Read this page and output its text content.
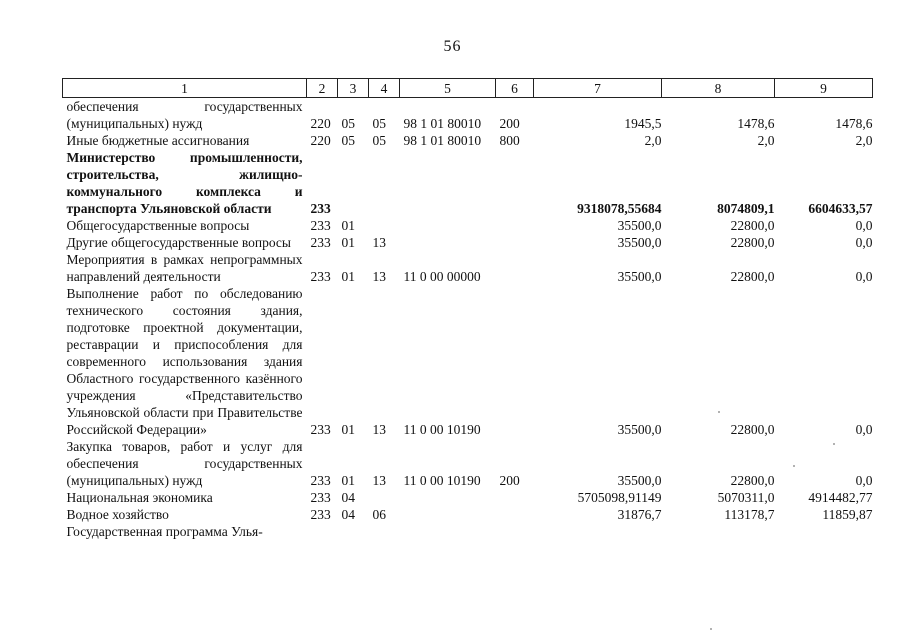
56
1	2	3	4	5	6	7	8	9
обеспечения государственных (муниципальных) нужд	220	05	05	98 1 01 80010	200	1945,5	1478,6	1478,6
Иные бюджетные ассигнования	220	05	05	98 1 01 80010	800	2,0	2,0	2,0
Министерство промышленности, строительства, жилищно-коммунального комплекса и транспорта Ульяновской области	233					9318078,55684	8074809,1	6604633,57
Общегосударственные вопросы	233	01				35500,0	22800,0	0,0
Другие общегосударственные вопросы	233	01	13			35500,0	22800,0	0,0
Мероприятия в рамках непрограммных направлений деятельности	233	01	13	11 0 00 00000		35500,0	22800,0	0,0
Выполнение работ по обследованию технического состояния здания, подготовке проектной документации, реставрации и приспособления для современного использования здания Областного государственного казённого учреждения «Представительство Ульяновской области при Правительстве Российской Федерации»	233	01	13	11 0 00 10190		35500,0	22800,0	0,0
Закупка товаров, работ и услуг для обеспечения государственных (муниципальных) нужд	233	01	13	11 0 00 10190	200	35500,0	22800,0	0,0
Национальная экономика	233	04				5705098,91149	5070311,0	4914482,77
Водное хозяйство	233	04	06			31876,7	113178,7	11859,87
Государственная программа Улья-								
